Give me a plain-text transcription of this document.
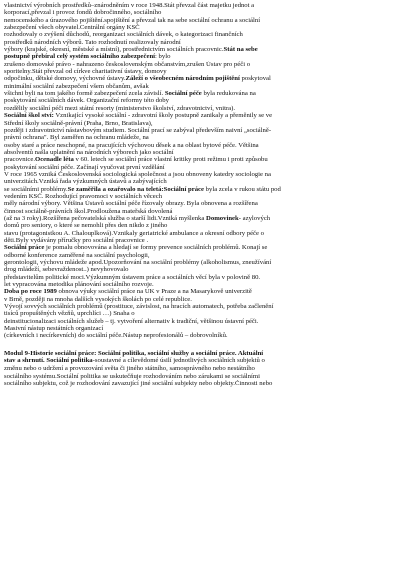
vlastnictví výrobních prostředků–znárodněním v roce 1948.Stát převzal část majetku jednot a
korporací,převzal i provoz fondů dobročinného, sociálního
nemocenského a úrazového pojištění.spojištění a převzal tak na sebe sociální ochranu a sociální
zabezpečení všech obyvatel.Centrální orgány KSČ
rozhodovaly o zvýšení důchodů, reorganizaci sociálních dávek, o kategorizaci finančních
prostředků národních výborů. Tato rozhodnutí realizovaly národní
výbory (krajské, okresní, městské a místní), prostřednictvím sociálních pracovnic.Stát na sebe
postupně přebíral celý systém sociálního zabezpečení: bylo
zrušeno domovské právo - nahrazeno československým občanstvím,zrušen Ústav pro péči o
sporitelny.Stát převzal od církve charitativní ústavy, domovy
odpočinku, dětské domovy, výchovné ústavy.Záleží o všeobecném národním pojištění poskytoval
minimální sociální zabezpečení všem občanům, avšak
všichni byli na tom jakého formě zabezpečení zcela závislí. Sociální péče byla redukována na
poskytování sociálních dávek. Organizační reformy této doby
rozdělily sociální péči mezi státní resorty (ministerstvo školství, zdravotnictví, vnitra).
Sociální škol ství: Vznikající vysoké sociální - zdravotní školy postupně zanikaly a přeměnily se ve
Střední školy sociálně-právní (Praha, Brno, Bratislava),
později i zdravotnictví nástavbovým studiem. Sociální prací se zabýval především naivní „sociálně-
právní ochrana". Byl zaměřen na ochranu mládeže, na
osoby staré a práce neschopné, na pracujících výchovou děsek a na oblast bytové péče. Většina
absolventů našla uplatnění na národních výborech jako sociální
pracovnice.Ocenadle léta v 60. letech se sociální práce vlastní kritiky proti režimu i proti způsobu
poskytování sociální péče. Začínají vyučovat první vzdělání
V roce 1965 vzniká Československá sociologická společnost a jsou obnoveny katedry sociologie na
univerzitách.Vzniká řada výzkumných ústavů a zabývajících
se sociálními problémy.Se zaměřila a ozařovalo na teletá:Sociální práce byla zcela v rukou státu pod
vedením KSČ. Rozhodující pravomoci v sociálních věcech
měly národní výbory. Většina Ústavů sociální péče řízovaly obrazy. Byla obnovena a rozšířena
činnost sociálně-právních škol.Prodloužena mateřská dovolená
(až na 3 roky).Rozšířena pečovatelská služba o starší lidi.Vzniká myšlenka Domovinek- azylových
domů pro seniory, o které se nemohli přes den nikdo z jiného
stavu (protagonistkou A. Chalouplková).Vznikaly geriatrické ambulance a okresní odbory péče o
děti.Byly vydávány příručky pro sociální pracovnice .
Sociální práce je pomalu obnovována a hledají se formy prevence sociálních problémů. Konají se
odborné konference zaměřené na sociální psychologii,
gerontologii, výchovu mládeže apod.Upozorňování na sociální problémy (alkoholismus, zneužívání
drog mládeží, sebevraždenost..) nevyhovovalo
představitelům politické moci.Výzkumným ústavem práce a sociálních věcí byla v polovině 80.
let vypracována metodika plánování sociálního rozvoje.
Doba po roce 1989 obnova výuky sociální práce na UK v Praze a na Masarykově univerzitě
v Brně, později na mnoha dalších vysokých školách po celé republice.
Vývojí sovvých sociálních problémů (prostituce, závislost, na hracích automatech, potřeba začlenění
tisíců propuštěných vězňů, uprchlíci …) Snaha o
deinstitucionalizaci sociálních služeb – tj. vytvoření alternativ k tradiční, většinou ústavní péči.
Masivní nástup nestátních organizací
(církevních i necírkevních) do sociální péče.Nástup neprofesionálů – dobrovolníků.
Modul 9-Historie sociální práce: Sociální politika, sociální služby a sociální práce. Aktuální
stav a shrnutí. Sociální politika-soustavné a cílevědomé úsilí jednotlivých sociálních subjektů o
změnu nebo o udržení a provozování světa či jiného státního, samosprávného nebo nestátního
sociálního systému.Sociální politika se uskutečňuje rozhodováním nebo zárukami se sociálními
sociálního subjektu, což je rozhodování zavazující jiné sociální subjekty nebo objekty.Činnosti nebo
